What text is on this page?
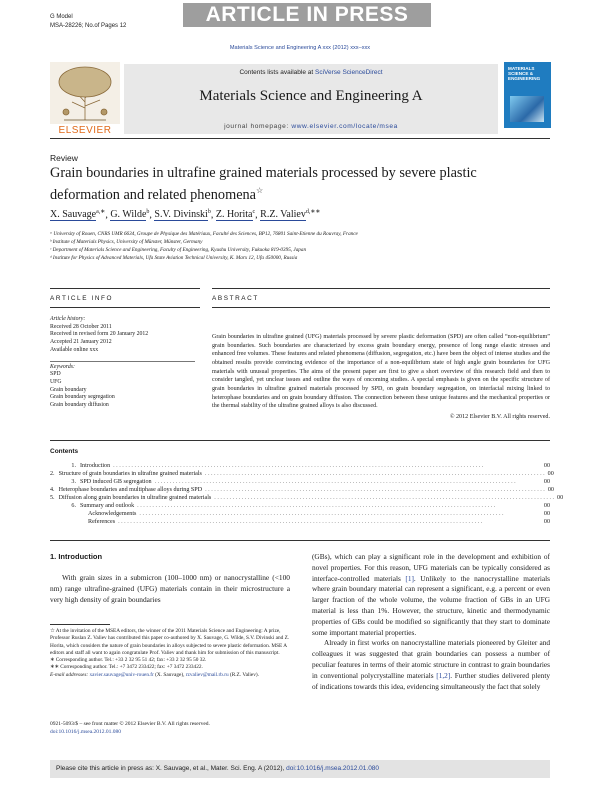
G Model
MSA-28226; No.of Pages 12	ARTICLE IN PRESS
Materials Science and Engineering A xxx (2012) xxx–xxx
ELSEVIER
Contents lists available at SciVerse ScienceDirect
Materials Science and Engineering A
journal homepage: www.elsevier.com/locate/msea
MATERIALS SCIENCE & ENGINEERING
Review
Grain boundaries in ultrafine grained materials processed by severe plastic deformation and related phenomena☆
X. Sauvage$^{a,∗}$, G. Wilde$^b$, S.V. Divinski$^b$, Z. Horita$^c$, R.Z. Valiev$^{d,∗∗}$
ᵃ University of Rouen, CNRS UMR 6634, Groupe de Physique des Matériaux, Faculté des Sciences, BP12, 76801 Saint-Etienne du Rouvray, France
ᵇ Institute of Materials Physics, University of Münster, Münster, Germany
ᶜ Department of Materials Science and Engineering, Faculty of Engineering, Kyushu University, Fukuoka 819-0395, Japan
ᵈ Institute for Physics of Advanced Materials, Ufa State Aviation Technical University, K. Marx 12, Ufa 450000, Russia
ARTICLE INFO	ABSTRACT
Article history:
Received 28 October 2011
Received in revised form 20 January 2012
Accepted 21 January 2012
Available online xxx
Keywords:
SPD
UFG
Grain boundary
Grain boundary segregation
Grain boundary diffusion
Grain boundaries in ultrafine grained (UFG) materials processed by severe plastic deformation (SPD) are often called “non-equilibrium” grain boundaries. Such boundaries are characterized by excess grain boundary energy, presence of long range elastic stresses and enhanced free volumes. These features and related phenomena (diffusion, segregation, etc.) have been the object of intense studies and the obtained results provide convincing evidence of the importance of a non-equilibrium state of high angle grain boundaries for UFG materials with unusual properties. The aims of the present paper are first to give a short overview of this research field and then to consider tangled, yet unclear issues and outline the ways of oncoming studies. A special emphasis is given on the specific structure of grain boundaries in ultrafine grained materials processed by SPD, on grain boundary segregation, on interfacial mixing linked to heterophase boundaries and on grain boundary diffusion. The connection between these unique features and the mechanical properties or the thermal stability of the ultrafine grained alloys is also discussed.
© 2012 Elsevier B.V. All rights reserved.
Contents
1. Introduction . . . . . . . . . . . . . . . . . . . . . . . . . . . . . . . . . . . . . . . . . . . . . . . . . . . . . . . . . . . . . . . . . . . . . . . . . . . . . . . . . . . . . . . . . . . . . . . . . . . . . . . . . . . . . . . . . . . . . . . . . .	00
2. Structure of grain boundaries in ultrafine grained materials . . . . . . . . . . . . . . . . . . . . . . . . . . . . . . . . . . . . . . . . . . . . . . . . . . . . . . . . . . . . . . . . . . . . . . . . . . . . . . . . . . . . . . . . . . . . . . . . . . . . . . . . . . . . . . . . 00
3. SPD induced GB segregation . . . . . . . . . . . . . . . . . . . . . . . . . . . . . . . . . . . . . . . . . . . . . . . . . . . . . . . . . . . . . . . . . . . . . . . . . . . . . . . . . . . . . . . . . . . . . . . . . . . . . . . . . . . . . . . . . . . . . . .	00
4. Heterophase boundaries and multiphase alloys during SPD . . . . . . . . . . . . . . . . . . . . . . . . . . . . . . . . . . . . . . . . . . . . . . . . . . . . . . . . . . . . . . . . . . . . . . . . . . . . . . . . . . . . . . . . . . . . . . . . . . . . . . . . . . . . . . . . 00
5. Diffusion along grain boundaries in ultrafine grained materials . . . . . . . . . . . . . . . . . . . . . . . . . . . . . . . . . . . . . . . . . . . . . . . . . . . . . . . . . . . . . . . . . . . . . . . . . . . . . . . . . . . . . . . . . . . . . . . . . . . . . . . . . . . . . . . . 00
6. Summary and outlook . . . . . . . . . . . . . . . . . . . . . . . . . . . . . . . . . . . . . . . . . . . . . . . . . . . . . . . . . . . . . . . . . . . . . . . . . . . . . . . . . . . . . . . . . . . . . . . . . . . . . . . . . . . . . . . . . . . . . .	00
Acknowledgements . . . . . . . . . . . . . . . . . . . . . . . . . . . . . . . . . . . . . . . . . . . . . . . . . . . . . . . . . . . . . . . . . . . . . . . . . . . . . . . . . . . . . . . . . . . . . . . . . . . . . . . . . . . . . . . . . . . . . . . .	00
References . . . . . . . . . . . . . . . . . . . . . . . . . . . . . . . . . . . . . . . . . . . . . . . . . . . . . . . . . . . . . . . . . . . . . . . . . . . . . . . . . . . . . . . . . . . . . . . . . . . . . . . . . . . . . . . . . . . . . . . .	00
1. Introduction
With grain sizes in a submicron (100–1000 nm) or nanocrystalline (<100 nm) range ultrafine-grained (UFG) materials contain in their microstructure a very high density of grain boundaries
(GBs), which can play a significant role in the development and exhibition of novel properties. For this reason, UFG materials can be typically considered as interface-controlled materials [1]. Unlikely to the nanocrystalline materials where grain boundary material can represent a significant, e.g. a percent or even larger fraction of the whole volume, the volume fraction of GBs in an UFG material is less than 1%. However, the structure, kinetic and thermodynamic properties of GBs could be modified so significantly that they start to dominate some important material properties.
Already in first works on nanocrystalline materials pioneered by Gleiter and colleagues it was suggested that grain boundaries can possess a number of peculiar features in terms of their atomic structure in contrast to grain boundaries in conventional polycrystalline materials [1,2]. Further studies delivered plenty of indications towards this idea, evidencing simultaneously the fact that solely
☆ At the invitation of the MSEA editors, the winner of the 2011 Materials Science and Engineering: A prize, Professor Ruslan Z. Valiev has contributed this paper co-authored by X. Sauvage, G. Wilde, S.V. Divinski and Z. Horita, which considers the nature of grain boundaries in alloys subjected to severe plastic deformation. MSE A editors and staff all want to again congratulate Prof. Valiev and thank him for submission of this manuscript.
∗ Corresponding author. Tel.: +33 2 32 95 51 42; fax: +33 2 32 95 50 32.
∗∗ Corresponding author. Tel.: +7 3472 233422; fax: +7 3472 233422.
E-mail addresses: xavier.sauvage@univ-rouen.fr (X. Sauvage), rzvaliev@mail.rb.ru (R.Z. Valiev).
0921-5093/$ – see front matter © 2012 Elsevier B.V. All rights reserved.
doi:10.1016/j.msea.2012.01.080
Please cite this article in press as: X. Sauvage, et al., Mater. Sci. Eng. A (2012), doi:10.1016/j.msea.2012.01.080
